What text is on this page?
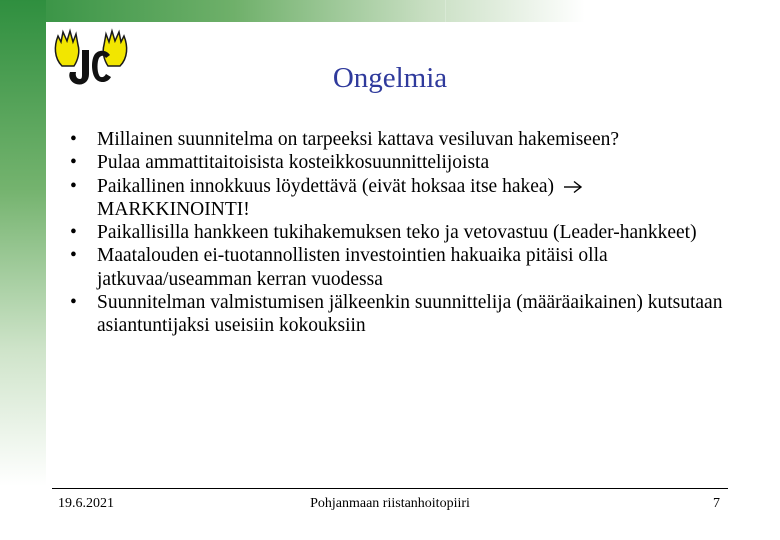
Ongelmia
• Millainen suunnitelma on tarpeeksi kattava vesiluvan hakemiseen?
• Pulaa ammattitaitoisista kosteikkosuunnittelijoista
• Paikallinen innokkuus löydettävä (eivät hoksaa itse hakea)  MARKKINOINTI!
• Paikallisilla hankkeen tukihakemuksen teko ja vetovastuu (Leader-hankkeet)
• Maatalouden ei-tuotannollisten investointien hakuaika pitäisi olla jatkuvaa/useamman kerran vuodessa
• Suunnitelman valmistumisen jälkeenkin suunnittelija (määräaikainen) kutsutaan asiantuntijaksi useisiin kokouksiin
19.6.2021	Pohjanmaan riistanhoitopiiri	7
